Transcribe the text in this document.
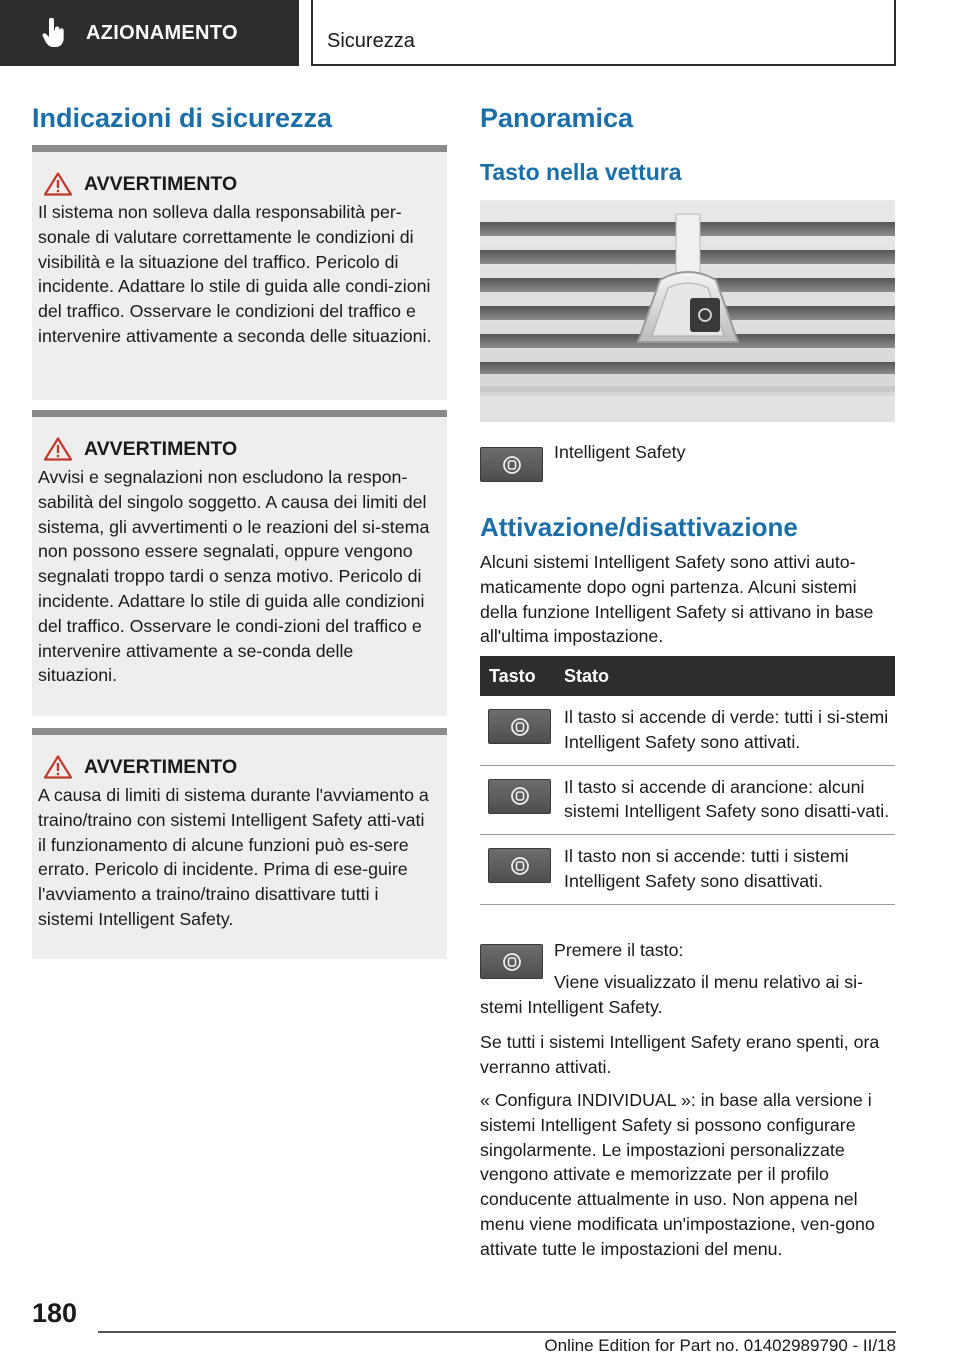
AZIONAMENTO	Sicurezza
Indicazioni di sicurezza
AVVERTIMENTO

Il sistema non solleva dalla responsabilità per-sonale di valutare correttamente le condizioni di visibilità e la situazione del traffico. Pericolo di incidente. Adattare lo stile di guida alle condi-zioni del traffico. Osservare le condizioni del traffico e intervenire attivamente a seconda delle situazioni.

AVVERTIMENTO

Avvisi e segnalazioni non escludono la respon-sabilità del singolo soggetto. A causa dei limiti del sistema, gli avvertimenti o le reazioni del si-stema non possono essere segnalati, oppure vengono segnalati troppo tardi o senza motivo. Pericolo di incidente. Adattare lo stile di guida alle condizioni del traffico. Osservare le condi-zioni del traffico e intervenire attivamente a se-conda delle situazioni.

AVVERTIMENTO

A causa di limiti di sistema durante l'avviamento a traino/traino con sistemi Intelligent Safety atti-vati il funzionamento di alcune funzioni può es-sere errato. Pericolo di incidente. Prima di ese-guire l'avviamento a traino/traino disattivare tutti i sistemi Intelligent Safety.

Panoramica
Tasto nella vettura
Intelligent Safety
Attivazione/disattivazione
Alcuni sistemi Intelligent Safety sono attivi auto-maticamente dopo ogni partenza. Alcuni sistemi della funzione Intelligent Safety si attivano in base all'ultima impostazione.
Tasto	Stato
Il tasto si accende di verde: tutti i si-stemi Intelligent Safety sono attivati.
Il tasto si accende di arancione: alcuni sistemi Intelligent Safety sono disatti-vati.
Il tasto non si accende: tutti i sistemi Intelligent Safety sono disattivati.
Premere il tasto:
Viene visualizzato il menu relativo ai si-stemi Intelligent Safety.
Se tutti i sistemi Intelligent Safety erano spenti, ora verranno attivati.
« Configura INDIVIDUAL »: in base alla versione i sistemi Intelligent Safety si possono configurare singolarmente. Le impostazioni personalizzate vengono attivate e memorizzate per il profilo conducente attualmente in uso. Non appena nel menu viene modificata un'impostazione, ven-gono attivate tutte le impostazioni del menu.
180
Online Edition for Part no. 01402989790 - II/18
